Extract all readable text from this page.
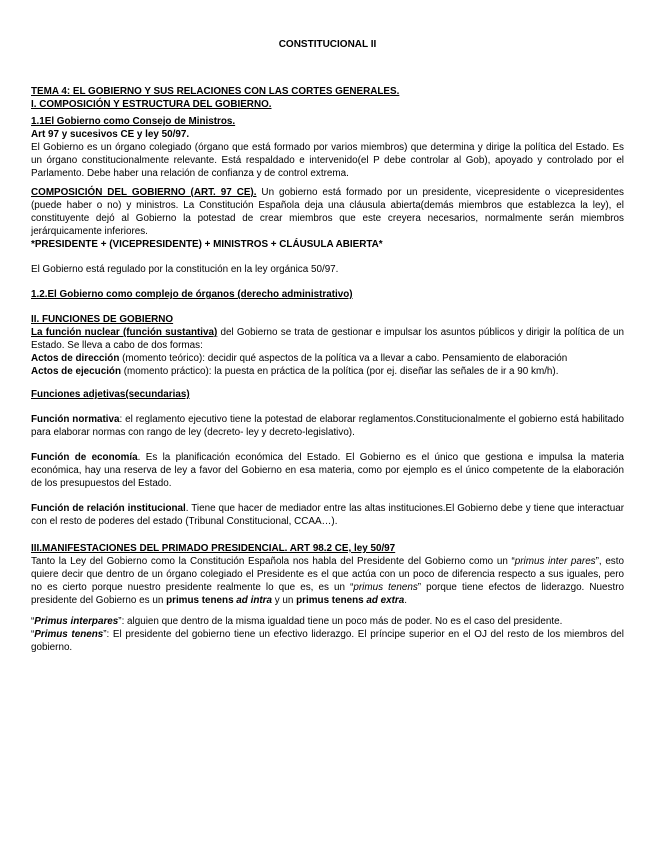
CONSTITUCIONAL II
TEMA 4: EL GOBIERNO Y SUS RELACIONES CON LAS CORTES GENERALES.
I. COMPOSICIÓN Y ESTRUCTURA DEL GOBIERNO.
1.1El Gobierno como Consejo de Ministros.
Art 97 y sucesivos CE y ley 50/97.

El Gobierno es un órgano colegiado (órgano que está formado por varios miembros) que determina y dirige la política del Estado. Es un órgano constitucionalmente relevante. Está respaldado e intervenido(el P debe controlar al Gob), apoyado y controlado por el Parlamento. Debe haber una relación de confianza y de control extrema.

COMPOSICIÓN DEL GOBIERNO (ART. 97 CE). Un gobierno está formado por un presidente, vicepresidente o vicepresidentes (puede haber o no) y ministros. La Constitución Española deja una cláusula abierta(demás miembros que establezca la ley), el constituyente dejó al Gobierno la potestad de crear miembros que este creyera necesarios, normalmente serán miembros jerárquicamente inferiores.

*PRESIDENTE + (VICEPRESIDENTE) + MINISTROS + CLÁUSULA ABIERTA*

El Gobierno está regulado por la constitución en la ley orgánica 50/97.

1.2.El Gobierno como complejo de órganos (derecho administrativo)
II. FUNCIONES DE GOBIERNO

La función nuclear (función sustantiva) del Gobierno se trata de gestionar e impulsar los asuntos públicos y dirigir la política de un Estado. Se lleva a cabo de dos formas:

Actos de dirección (momento teórico): decidir qué aspectos de la política va a llevar a cabo. Pensamiento de elaboración

Actos de ejecución (momento práctico): la puesta en práctica de la política (por ej. diseñar las señales de ir a 90 km/h).

Funciones adjetivas(secundarias)

Función normativa: el reglamento ejecutivo tiene la potestad de elaborar reglamentos.Constitucionalmente el gobierno está habilitado para elaborar normas con rango de ley (decreto- ley y decreto-legislativo).

Función de economía. Es la planificación económica del Estado. El Gobierno es el único que gestiona e impulsa la materia económica, hay una reserva de ley a favor del Gobierno en esa materia, como por ejemplo es el único competente de la elaboración de los presupuestos del Estado.

Función de relación institucional. Tiene que hacer de mediador entre las altas instituciones.El Gobierno debe y tiene que interactuar con el resto de poderes del estado (Tribunal Constitucional, CCAA…).

III.MANIFESTACIONES DEL PRIMADO PRESIDENCIAL. ART 98.2 CE, ley 50/97

Tanto la Ley del Gobierno como la Constitución Española nos habla del Presidente del Gobierno como un “primus inter pares”, esto quiere decir que dentro de un órgano colegiado el Presidente es el que actúa con un poco de diferencia respecto a sus iguales, pero no es cierto porque nuestro presidente realmente lo que es, es un “primus tenens” porque tiene efectos de liderazgo. Nuestro presidente del Gobierno es un primus tenens ad intra y un primus tenens ad extra.

“Primus interpares”: alguien que dentro de la misma igualdad tiene un poco más de poder. No es el caso del presidente.

“Primus tenens”: El presidente del gobierno tiene un efectivo liderazgo. El príncipe superior en el OJ del resto de los miembros del gobierno.
